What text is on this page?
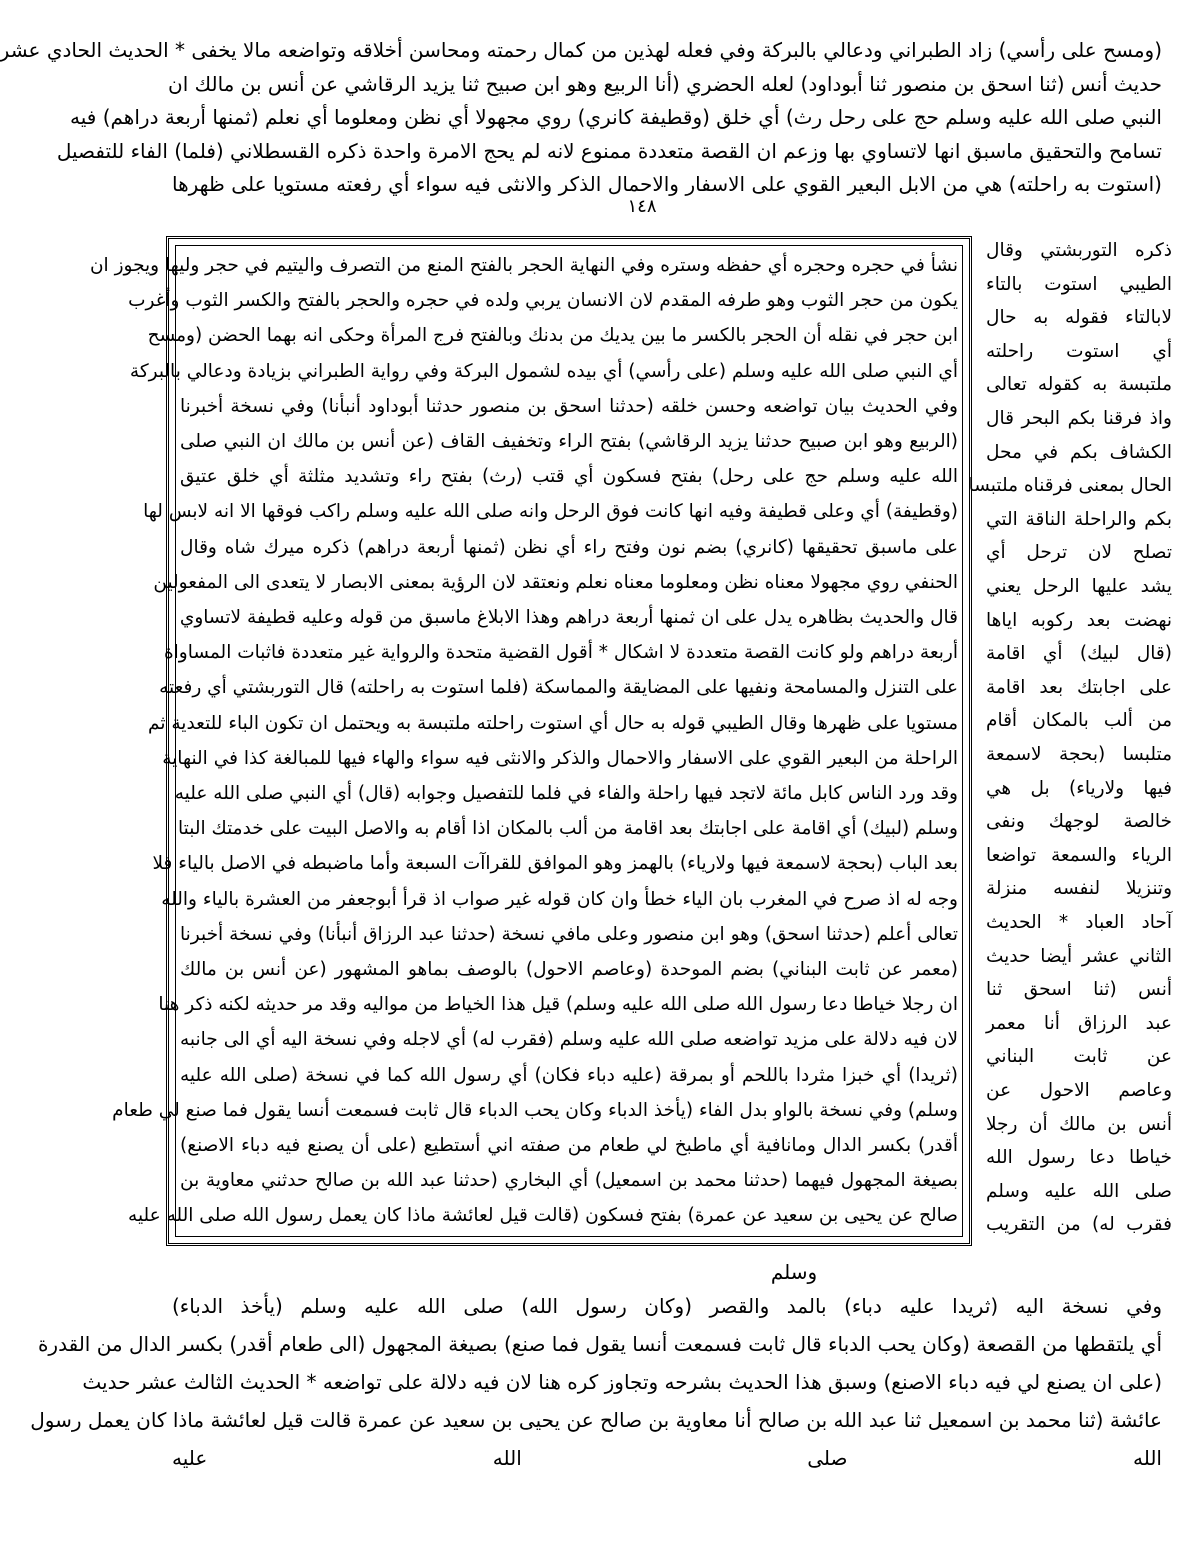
(ومسح على رأسي) زاد الطبراني ودعالي بالبركة وفي فعله لهذين من كمال رحمته ومحاسن أخلاقه وتواضعه مالا يخفى * الحديث الحادي عشر
حديث أنس (ثنا اسحق بن منصور ثنا أبوداود) لعله الحضري (أنا الربيع وهو ابن صبيح ثنا يزيد الرقاشي عن أنس بن مالك ان
النبي صلى الله عليه وسلم حج على رحل رث) أي خلق (وقطيفة كانري) روي مجهولا أي نظن ومعلوما أي نعلم (ثمنها أربعة دراهم) فيه
تسامح والتحقيق ماسبق انها لاتساوي بها وزعم ان القصة متعددة ممنوع لانه لم يحج الامرة واحدة ذكره القسطلاني (فلما) الفاء للتفصيل
(استوت به راحلته) هي من الابل البعير القوي على الاسفار والاحمال الذكر والانثى فيه سواء أي رفعته مستويا على ظهرها
١٤٨
نشأ في حجره وحجره أي حفظه وستره وفي النهاية الحجر بالفتح المنع من التصرف واليتيم في حجر وليها ويجوز ان
يكون من حجر الثوب وهو طرفه المقدم لان الانسان يربي ولده في حجره والحجر بالفتح والكسر الثوب وأغرب
ابن حجر في نقله أن الحجر بالكسر ما بين يديك من بدنك وبالفتح فرج المرأة وحكى انه بهما الحضن (ومسح
أي النبي صلى الله عليه وسلم (على رأسي) أي بيده لشمول البركة وفي رواية الطبراني بزيادة ودعالي بالبركة
وفي الحديث بيان تواضعه وحسن خلقه (حدثنا اسحق بن منصور حدثنا أبوداود أنبأنا) وفي نسخة أخبرنا
(الربيع وهو ابن صبيح حدثنا يزيد الرقاشي) بفتح الراء وتخفيف القاف (عن أنس بن مالك ان النبي صلى
الله عليه وسلم حج على رحل) بفتح فسكون أي قتب (رث) بفتح راء وتشديد مثلثة أي خلق عتيق
(وقطيفة) أي وعلى قطيفة وفيه انها كانت فوق الرحل وانه صلى الله عليه وسلم راكب فوقها الا انه لابس لها
على ماسبق تحقيقها (كانري) بضم نون وفتح راء أي نظن (ثمنها أربعة دراهم) ذكره ميرك شاه وقال
الحنفي روي مجهولا معناه نظن ومعلوما معناه نعلم ونعتقد لان الرؤية بمعنى الابصار لا يتعدى الى المفعولين
قال والحديث بظاهره يدل على ان ثمنها أربعة دراهم وهذا الابلاغ ماسبق من قوله وعليه قطيفة لاتساوي
أربعة دراهم ولو كانت القصة متعددة لا اشكال * أقول القضية متحدة والرواية غير متعددة فاثبات المساواة
على التنزل والمسامحة ونفيها على المضايقة والمماسكة (فلما استوت به راحلته) قال التوربشتي أي رفعته
مستويا على ظهرها وقال الطيبي قوله به حال أي استوت راحلته ملتبسة به ويحتمل ان تكون الباء للتعدية ثم
الراحلة من البعير القوي على الاسفار والاحمال والذكر والانثى فيه سواء والهاء فيها للمبالغة كذا في النهاية
وقد ورد الناس كابل مائة لاتجد فيها راحلة والفاء في فلما للتفصيل وجوابه (قال) أي النبي صلى الله عليه
وسلم (لبيك) أي اقامة على اجابتك بعد اقامة من ألب بالمكان اذا أقام به والاصل البيت على خدمتك البتا
بعد الباب (بحجة لاسمعة فيها ولارياء) بالهمز وهو الموافق للقراآت السبعة وأما ماضبطه في الاصل بالياء فلا
وجه له اذ صرح في المغرب بان الياء خطأ وان كان قوله غير صواب اذ قرأ أبوجعفر من العشرة بالياء والله
تعالى أعلم (حدثنا اسحق) وهو ابن منصور وعلى مافي نسخة (حدثنا عبد الرزاق أنبأنا) وفي نسخة أخبرنا
(معمر عن ثابت البناني) بضم الموحدة (وعاصم الاحول) بالوصف بماهو المشهور (عن أنس بن مالك
ان رجلا خياطا دعا رسول الله صلى الله عليه وسلم) قيل هذا الخياط من مواليه وقد مر حديثه لكنه ذكر هنا
لان فيه دلالة على مزيد تواضعه صلى الله عليه وسلم (فقرب له) أي لاجله وفي نسخة اليه أي الى جانبه
(ثريدا) أي خبزا مثردا باللحم أو بمرقة (عليه دباء فكان) أي رسول الله كما في نسخة (صلى الله عليه
وسلم) وفي نسخة بالواو بدل الفاء (يأخذ الدباء وكان يحب الدباء قال ثابت فسمعت أنسا يقول فما صنع لي طعام
أقدر) بكسر الدال ومانافية أي ماطبخ لي طعام من صفته اني أستطيع (على أن يصنع فيه دباء الاصنع)
بصيغة المجهول فيهما (حدثنا محمد بن اسمعيل) أي البخاري (حدثنا عبد الله بن صالح حدثني معاوية بن
صالح عن يحيى بن سعيد عن عمرة) بفتح فسكون (قالت قيل لعائشة ماذا كان يعمل رسول الله صلى الله عليه
ذكره التوربشتي وقال
الطيبي استوت بالتاء
لابالتاء فقوله به حال
أي استوت راحلته
ملتبسة به كقوله تعالى
واذ فرقنا بكم البحر قال
الكشاف بكم في محل
الحال بمعنى فرقناه ملتبسا
بكم والراحلة الناقة التي
تصلح لان ترحل أي
يشد عليها الرحل يعني
نهضت بعد ركوبه اياها
(قال لبيك) أي اقامة
على اجابتك بعد اقامة
من ألب بالمكان أقام
متلبسا (بحجة لاسمعة
فيها ولارياء) بل هي
خالصة لوجهك ونفى
الرياء والسمعة تواضعا
وتنزيلا لنفسه منزلة
آحاد العباد * الحديث
الثاني عشر أيضا حديث
أنس (ثنا اسحق ثنا
عبد الرزاق أنا معمر
عن ثابت البناني
وعاصم الاحول عن
أنس بن مالك أن رجلا
خياطا دعا رسول الله
صلى الله عليه وسلم
فقرب له) من التقريب
وفي نسخة اليه (ثريدا عليه دباء) بالمد والقصر (وكان رسول الله) صلى الله عليه وسلم (يأخذ الدباء)
أي يلتقطها من القصعة (وكان يحب الدباء قال ثابت فسمعت أنسا يقول فما صنع) بصيغة المجهول (الى طعام أقدر) بكسر الدال من القدرة
(على ان يصنع لي فيه دباء الاصنع) وسبق هذا الحديث بشرحه وتجاوز كره هنا لان فيه دلالة على تواضعه * الحديث الثالث عشر حديث
عائشة (ثنا محمد بن اسمعيل ثنا عبد الله بن صالح أنا معاوية بن صالح عن يحيى بن سعيد عن عمرة قالت قيل لعائشة ماذا كان يعمل رسول
الله صلى الله عليه
وسلم
